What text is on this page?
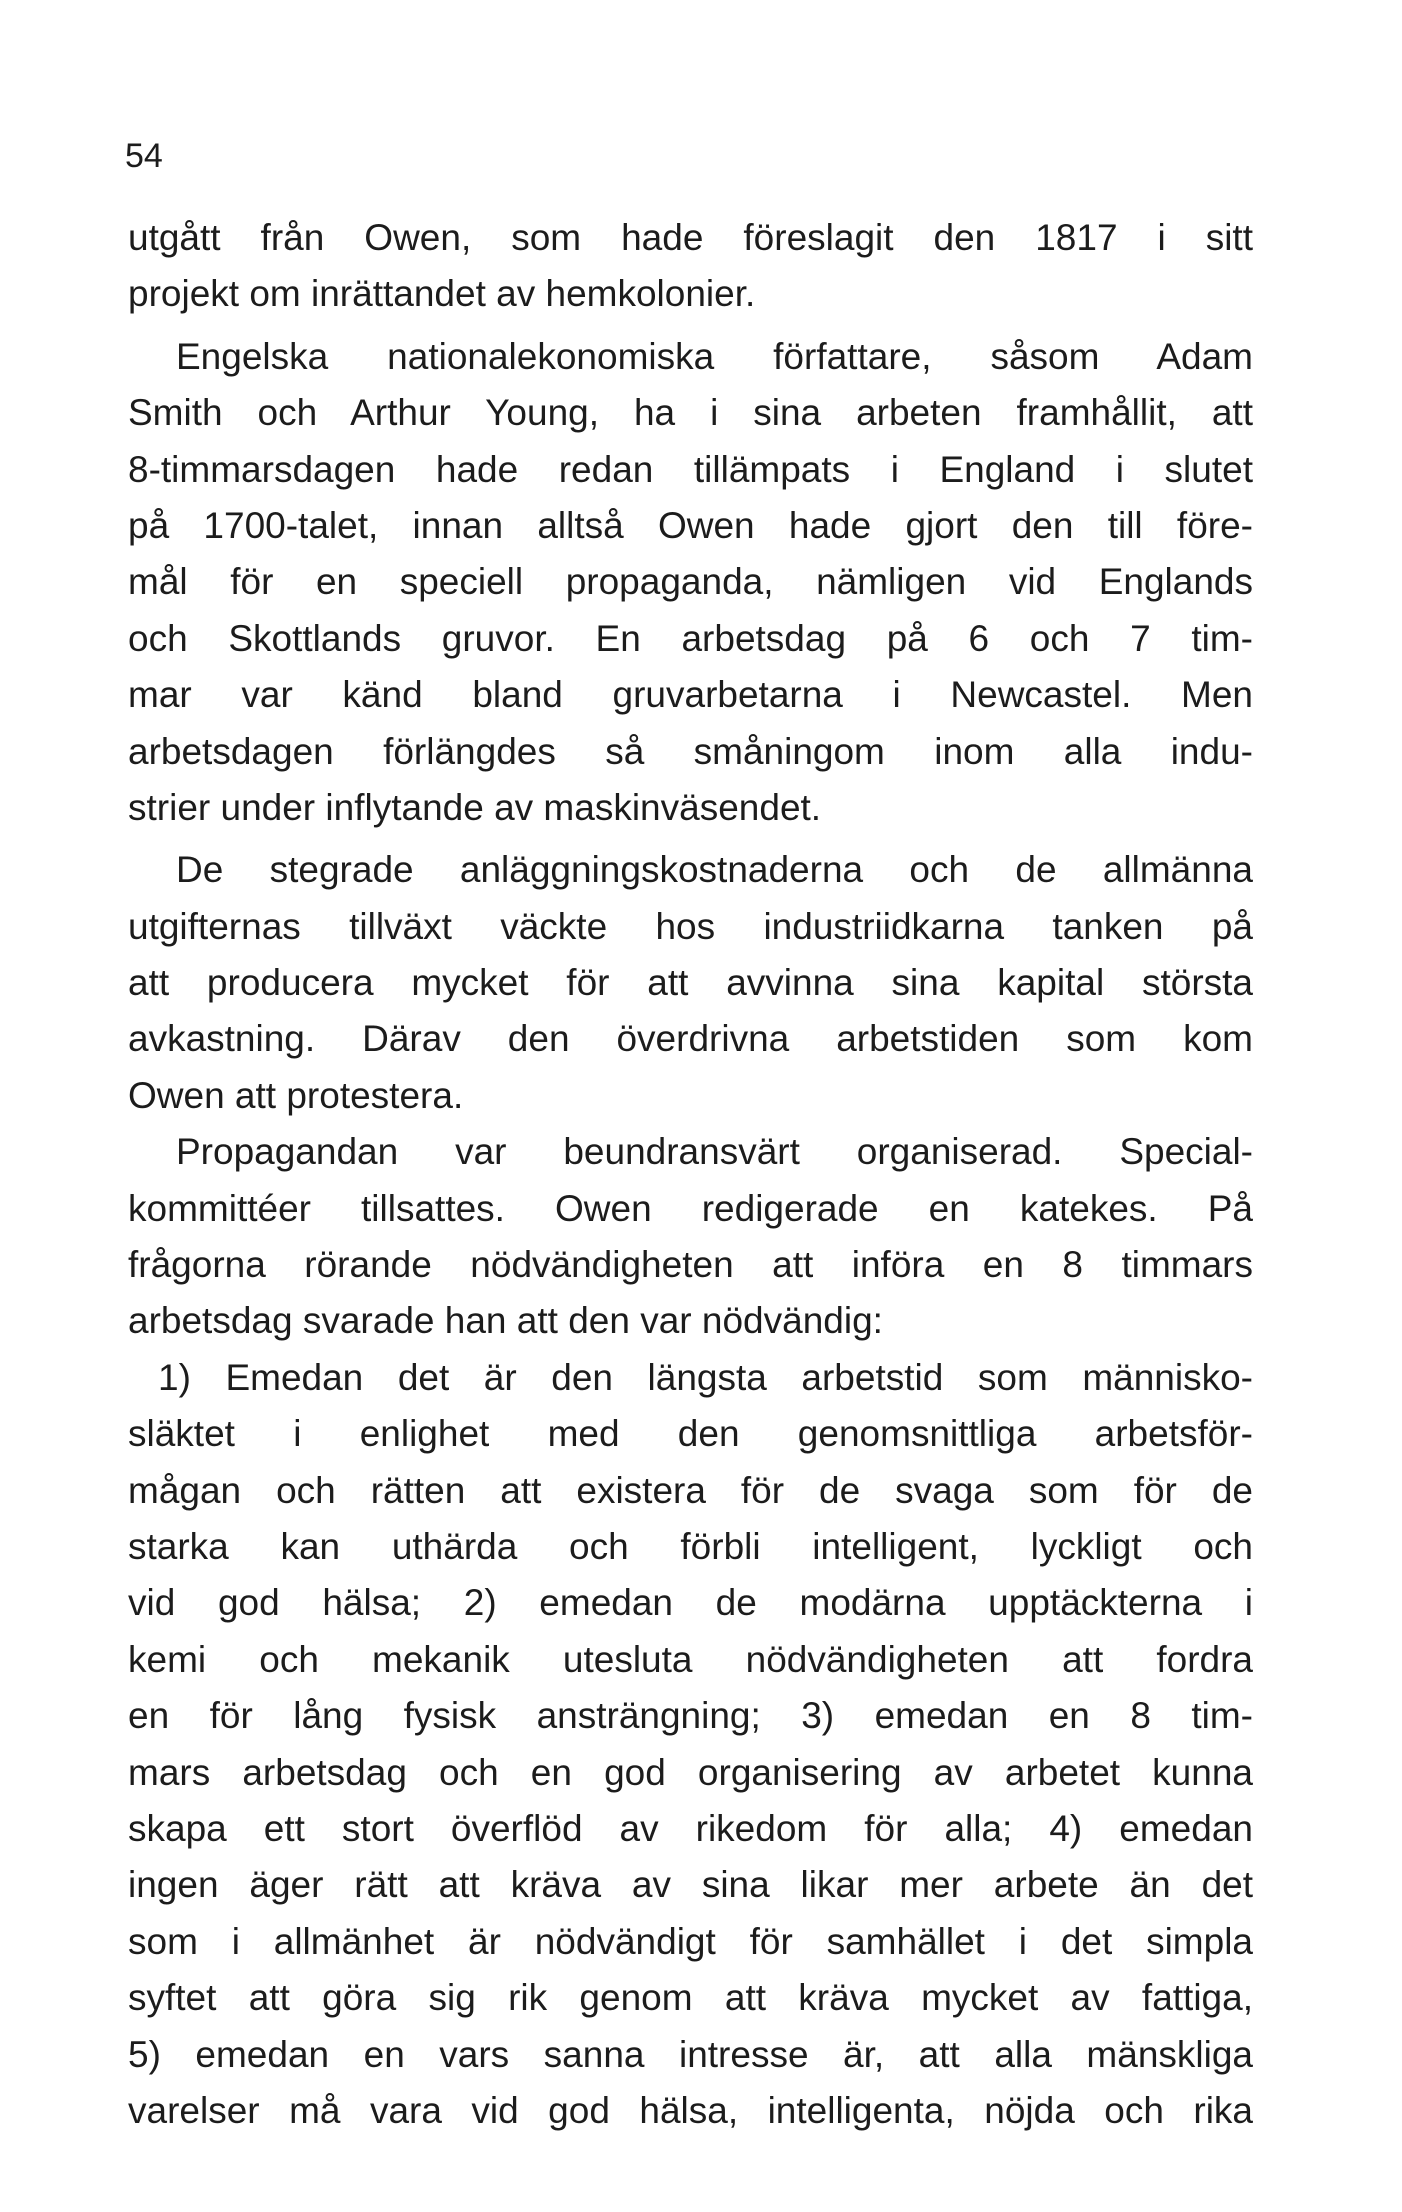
54
utgått från Owen, som hade föreslagit den 1817 i sitt
projekt om inrättandet av hemkolonier.
Engelska nationalekonomiska författare, såsom Adam
Smith och Arthur Young, ha i sina arbeten framhållit, att
8-timmarsdagen hade redan tillämpats i England i slutet
på 1700-talet, innan alltså Owen hade gjort den till före-
mål för en speciell propaganda, nämligen vid Englands
och Skottlands gruvor. En arbetsdag på 6 och 7 tim-
mar var känd bland gruvarbetarna i Newcastel. Men
arbetsdagen förlängdes så småningom inom alla indu-
strier under inflytande av maskinväsendet.
De stegrade anläggningskostnaderna och de allmänna
utgifternas tillväxt väckte hos industriidkarna tanken på
att producera mycket för att avvinna sina kapital största
avkastning. Därav den överdrivna arbetstiden som kom
Owen att protestera.
Propagandan var beundransvärt organiserad. Special-
kommittéer tillsattes. Owen redigerade en katekes. På
frågorna rörande nödvändigheten att införa en 8 timmars
arbetsdag svarade han att den var nödvändig:
1) Emedan det är den längsta arbetstid som människo-
släktet i enlighet med den genomsnittliga arbetsför-
mågan och rätten att existera för de svaga som för de
starka kan uthärda och förbli intelligent, lyckligt och
vid god hälsa; 2) emedan de modärna upptäckterna i
kemi och mekanik utesluta nödvändigheten att fordra
en för lång fysisk ansträngning; 3) emedan en 8 tim-
mars arbetsdag och en god organisering av arbetet kunna
skapa ett stort överflöd av rikedom för alla; 4) emedan
ingen äger rätt att kräva av sina likar mer arbete än det
som i allmänhet är nödvändigt för samhället i det simpla
syftet att göra sig rik genom att kräva mycket av fattiga,
5) emedan en vars sanna intresse är, att alla mänskliga
varelser må vara vid god hälsa, intelligenta, nöjda och rika
